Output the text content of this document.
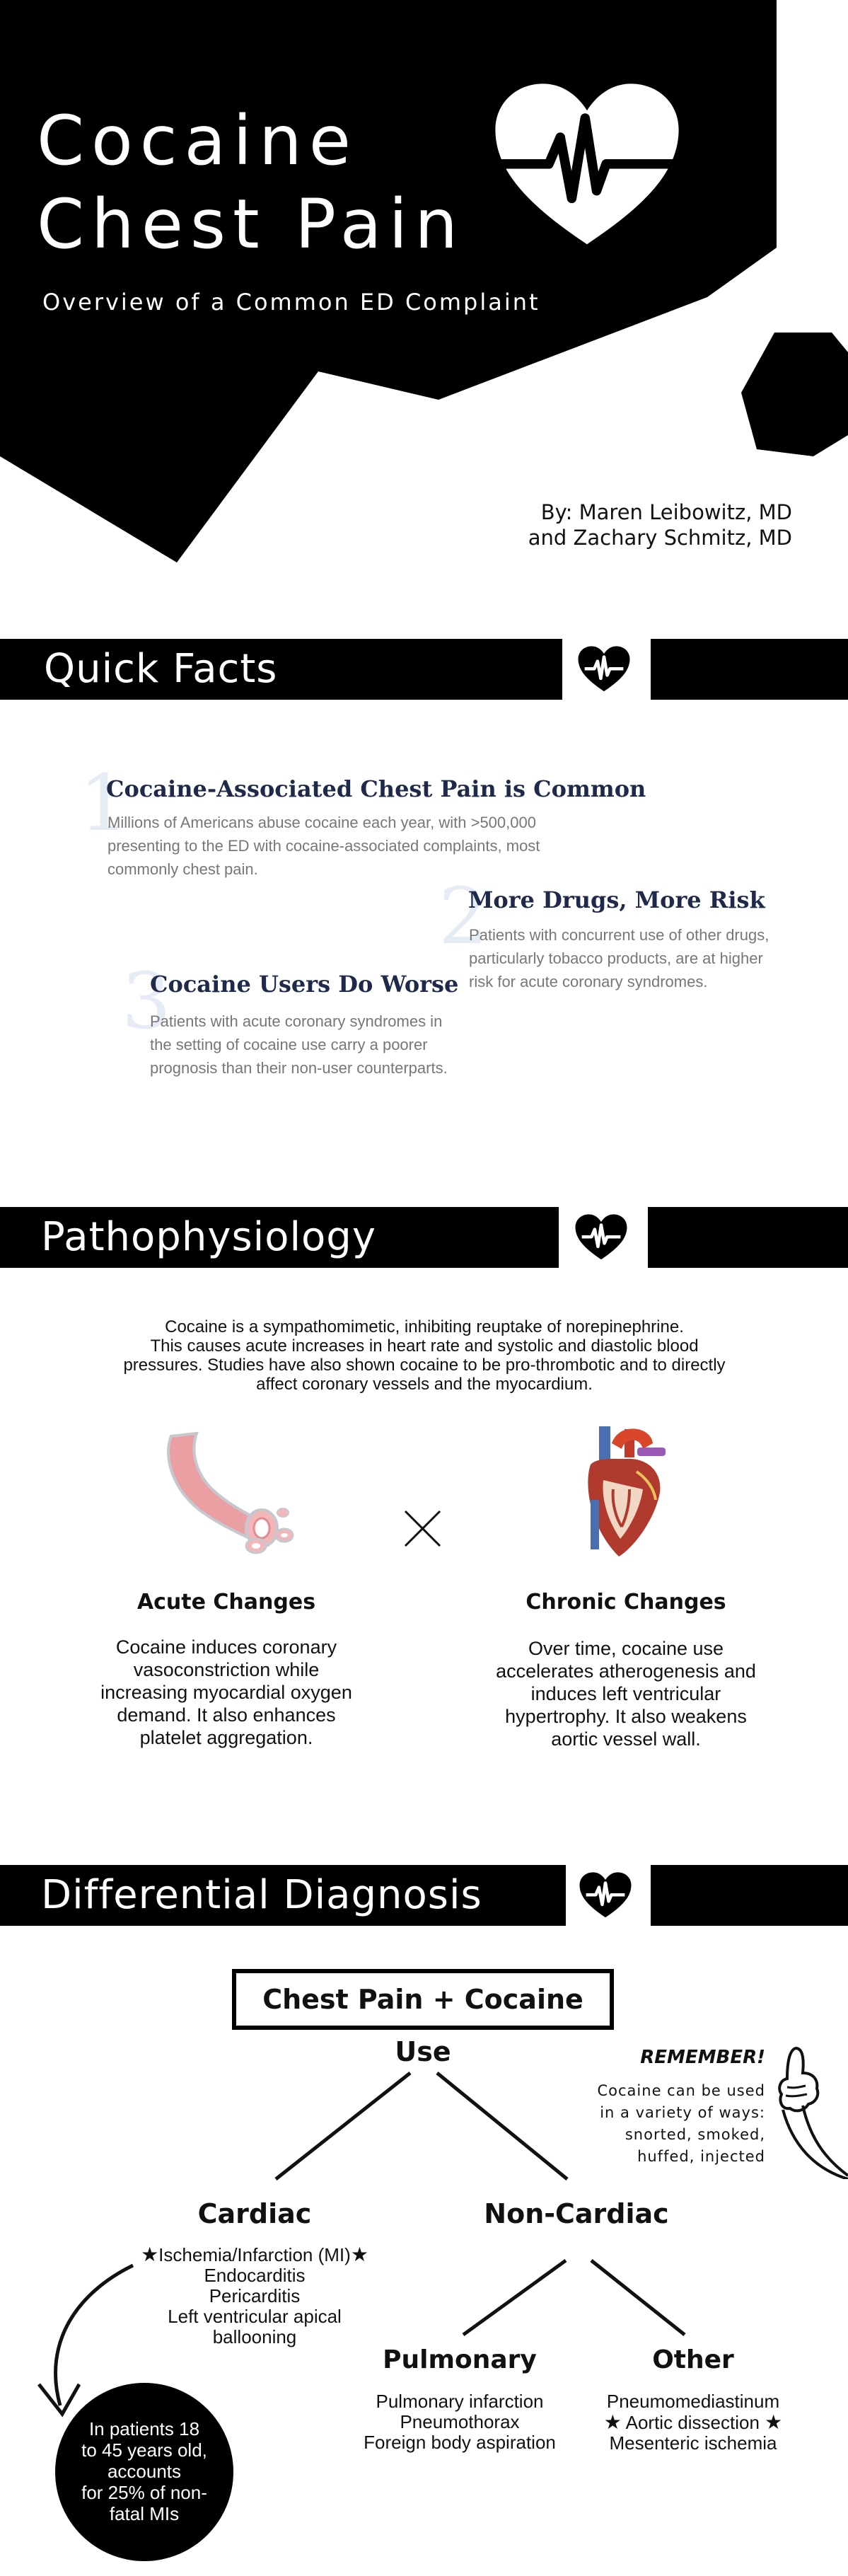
Cocaine
Chest Pain
Overview of a Common ED Complaint
By: Maren Leibowitz, MD
and Zachary Schmitz, MD
Quick Facts
1
Cocaine-Associated Chest Pain is Common
Millions of Americans abuse cocaine each year, with >500,000
presenting to the ED with cocaine-associated complaints, most
commonly chest pain.
2
More Drugs, More Risk
Patients with concurrent use of other drugs,
particularly tobacco products, are at higher
risk for acute coronary syndromes.
3
Cocaine Users Do Worse
Patients with acute coronary syndromes in
the setting of cocaine use carry a poorer
prognosis than their non-user counterparts.
Pathophysiology
Cocaine is a sympathomimetic, inhibiting reuptake of norepinephrine.
This causes acute increases in heart rate and systolic and diastolic blood
pressures. Studies have also shown cocaine to be pro-thrombotic and to directly
affect coronary vessels and the myocardium.
Acute Changes
Cocaine induces coronary
vasoconstriction while
increasing myocardial oxygen
demand. It also enhances
platelet aggregation.
Chronic Changes
Over time, cocaine use
accelerates atherogenesis and
induces left ventricular
hypertrophy. It also weakens
aortic vessel wall.
Differential Diagnosis
Chest Pain + Cocaine Use	REMEMBER!
Cocaine can be used
in a variety of ways:
snorted, smoked,
huffed, injected
Cardiac
★Ischemia/Infarction (MI)★
Endocarditis
Pericarditis
Left ventricular apical
ballooning
Non-Cardiac
Pulmonary
Pulmonary infarction
Pneumothorax
Foreign body aspiration
Other
Pneumomediastinum
★ Aortic dissection ★
Mesenteric ischemia
In patients 18
to 45 years old,
accounts
for 25% of non-
fatal MIs
